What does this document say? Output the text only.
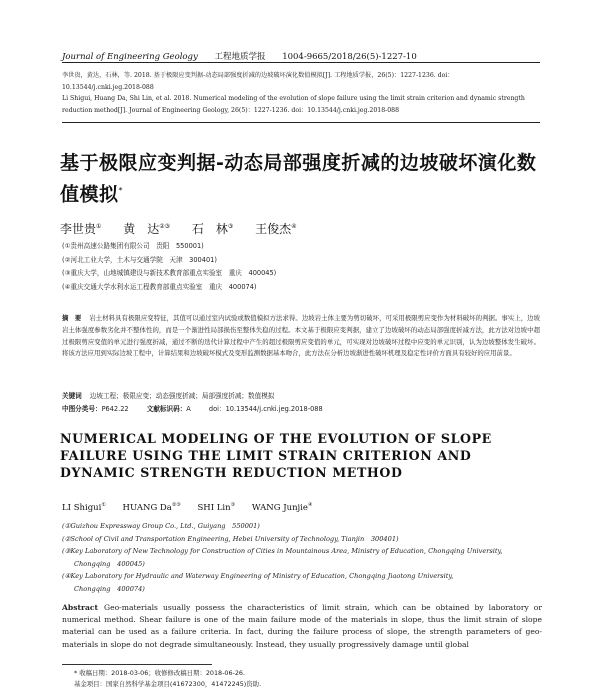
Journal of Engineering Geology 工程地质学报 1004-9665/2018/26(5)-1227-10

李世贵，黄达，石林，等. 2018. 基于极限应变判据-动态局部强度折减的边坡破坏演化数值模拟[J]. 工程地质学报，26(5)：1227-1236. doi：

10.13544/j.cnki.jeg.2018-088

Li Shigui, Huang Da, Shi Lin, et al. 2018. Numerical modeling of the evolution of slope failure using the limit strain criterion and dynamic strength

reduction method[J]. Journal of Engineering Geology, 26(5)：1227-1236. doi：10.13544/j.cnki.jeg.2018-088

基于极限应变判据-动态局部强度折减的边坡破坏演化数值模拟*
李世贵① 黄　达②③ 石　林③ 王俊杰④

(①贵州高速公路集团有限公司　贵阳　550001)

(②河北工业大学，土木与交通学院　天津　300401)

(③重庆大学，山地城镇建设与新技术教育部重点实验室　重庆　400045)

(④重庆交通大学水利水运工程教育部重点实验室　重庆　400074)

摘　要 岩土材料具有极限应变特征，其值可以通过室内试验或数值模拟方法求得。边坡岩土体主要为剪切破坏，可采用极限剪应变作为材料破坏的判据。事实上，边坡岩土体强度参数劣化并不整体性的，而是一个渐进性局部损伤至整体失稳的过程。本文基于极限应变判据，建立了边坡破坏的动态局部强度折减方法，此方法对边坡中超过极限剪应变值的单元进行强度折减，通过不断的迭代计算过程中产生的超过极限剪应变值的单元，可实现对边坡破坏过程中应变的单元识别，认为边坡整体发生破坏。将该方法应用到实际边坡工程中，计算结果和边坡破坏模式及变形监测数据基本吻合，此方法在分析边坡渐进性破坏机理及稳定性评价方面具有较好的应用前景。
关键词 边坡工程；极限应变；动态强度折减；局部强度折减；数值模拟
中图分类号：P642.22	文献标识码：A	doi：10.13544/j.cnki.jeg.2018-088
NUMERICAL MODELING OF THE EVOLUTION OF SLOPE FAILURE USING THE LIMIT STRAIN CRITERION AND DYNAMIC STRENGTH REDUCTION METHOD
LI Shigui① HUANG Da②③ SHI Lin③ WANG Junjie④

(①Guizhou Expressway Group Co., Ltd., Guiyang　550001)

(②School of Civil and Transportation Engineering, Hebei University of Technology, Tianjin　300401)

(③Key Laboratory of New Technology for Construction of Cities in Mountainous Area, Ministry of Education, Chongqing University,

Chongqing　400045)

(④Key Laboratory for Hydraulic and Waterway Engineering of Ministry of Education, Chongqing Jiaotong University,

Chongqing　400074)

Abstract Geo-materials usually possess the characteristics of limit strain, which can be obtained by laboratory or numerical method. Shear failure is one of the main failure mode of the materials in slope, thus the limit strain of slope material can be used as a failure criteria. In fact, during the failure process of slope, the strength parameters of geo-materials in slope do not degrade simultaneously. Instead, they usually progressively damage until global
* 收稿日期：2018-03-06；收修修改稿日期：2018-06-26.
基金项目：国家自然科学基金项目(41672300，41472245)资助.
